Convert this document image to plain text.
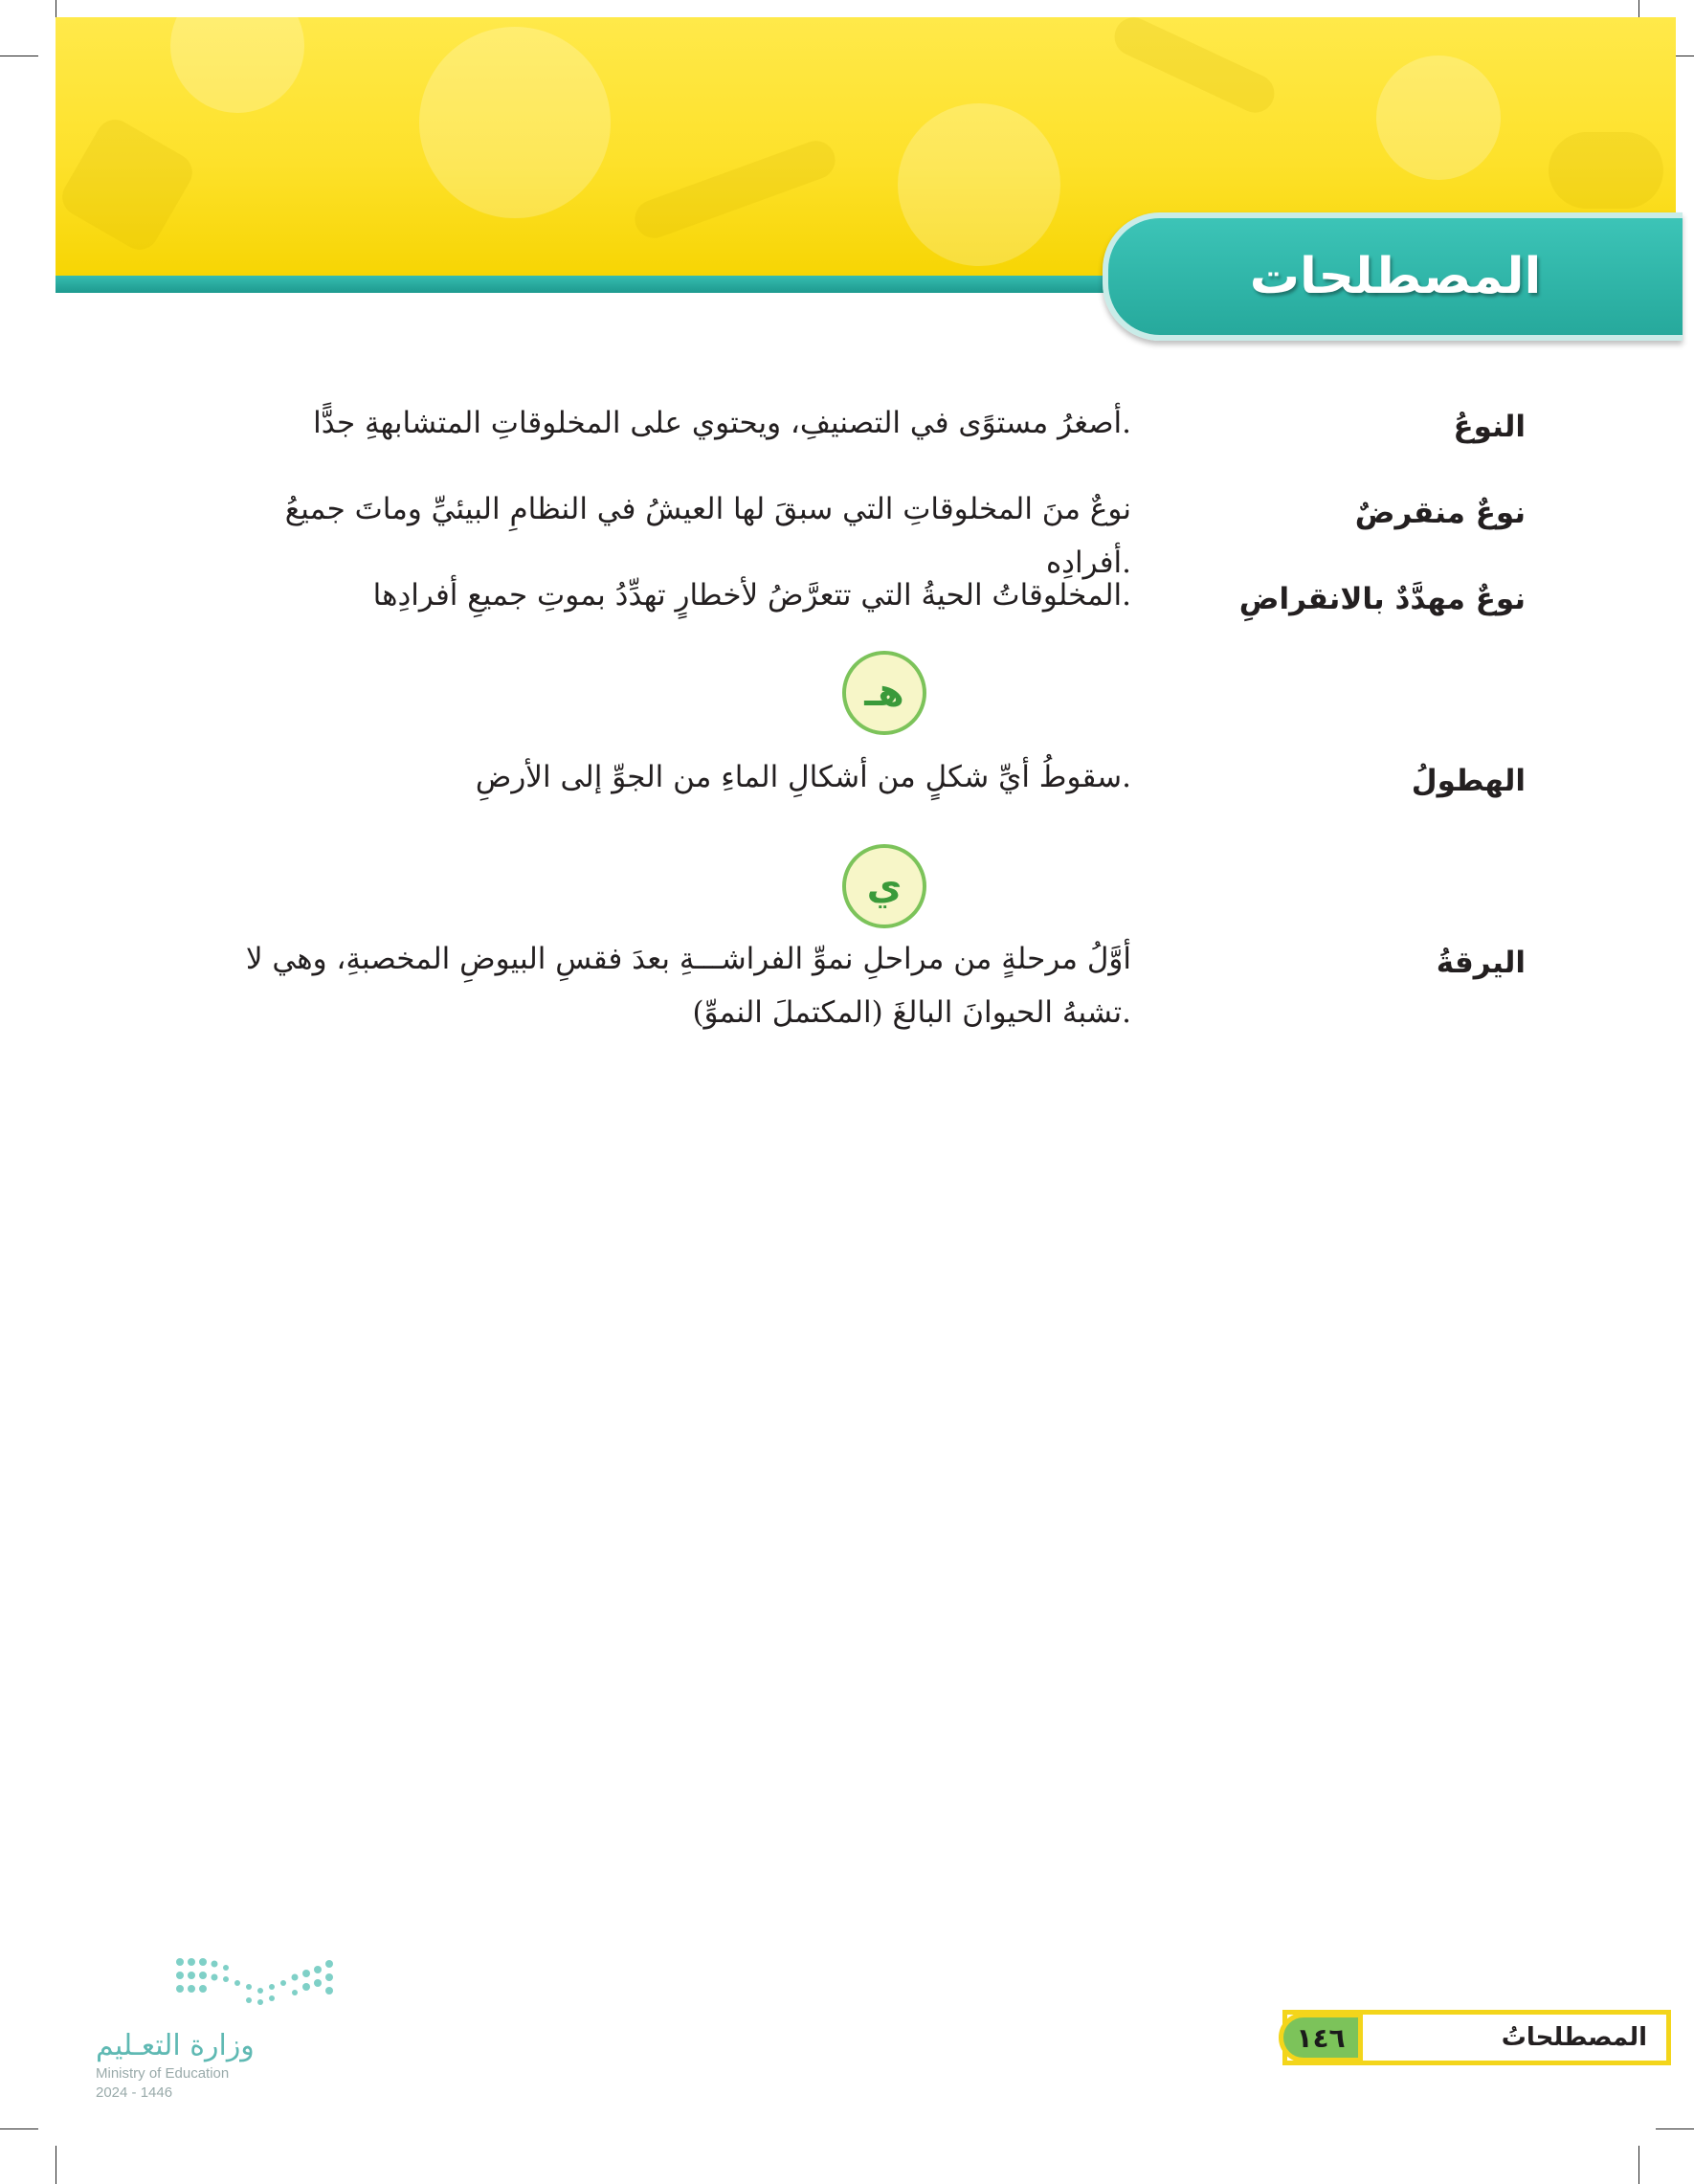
المصطلحات
النوعُ
أصغرُ مستوًى في التصنيفِ، ويحتوي على المخلوقاتِ المتشابهةِ جدًّا.
نوعٌ منقرضٌ
نوعٌ منَ المخلوقاتِ التي سبقَ لها العيشُ في النظامِ البيئيِّ وماتَ جميعُ أفرادِه.
نوعٌ مهدَّدٌ بالانقراضِ
المخلوقاتُ الحيةُ التي تتعرَّضُ لأخطارٍ تهدِّدُ بموتِ جميعِ أفرادِها.
هـ
الهطولُ
سقوطُ أيِّ شكلٍ من أشكالِ الماءِ من الجوِّ إلى الأرضِ.
ي
اليرقةُ
أوَّلُ مرحلةٍ من مراحلِ نموِّ الفراشـــةِ بعدَ فقسِ البيوضِ المخصبةِ، وهي لا تشبهُ الحيوانَ البالغَ (المكتملَ النموِّ).
وزارة التعـليم
Ministry of Education
2024 - 1446
المصطلحاتُ
١٤٦
